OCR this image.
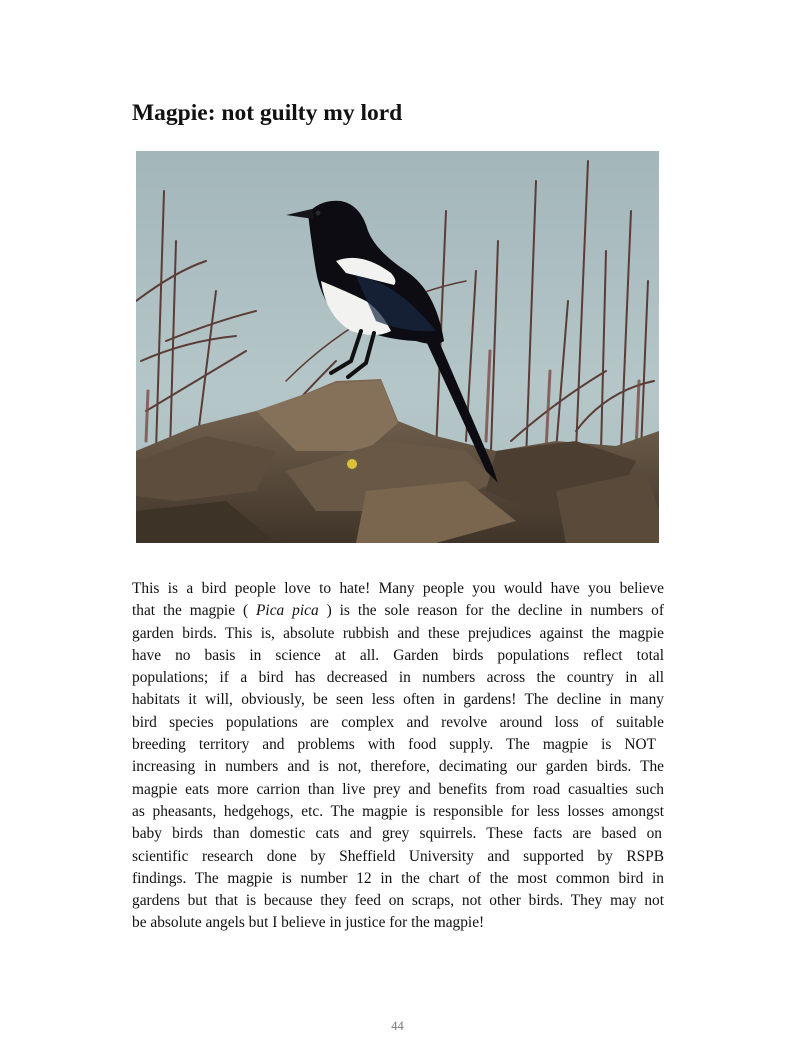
Magpie: not guilty my lord
This is a bird people love to hate! Many people you would have you believe
that the magpie ( Pica pica ) is the sole reason for the decline in numbers of
garden birds. This is, absolute rubbish and these prejudices against the magpie
have no basis in science at all. Garden birds populations reflect total
populations; if a bird has decreased in numbers across the country in all
habitats it will, obviously, be seen less often in gardens! The decline in many
bird species populations are complex and revolve around loss of suitable
breeding territory and problems with food supply. The magpie is NOT
increasing in numbers and is not, therefore, decimating our garden birds. The
magpie eats more carrion than live prey and benefits from road casualties such
as pheasants, hedgehogs, etc. The magpie is responsible for less losses amongst
baby birds than domestic cats and grey squirrels. These facts are based on
scientific research done by Sheffield University and supported by RSPB
findings. The magpie is number 12 in the chart of the most common bird in
gardens but that is because they feed on scraps, not other birds. They may not
be absolute angels but I believe in justice for the magpie!
44
